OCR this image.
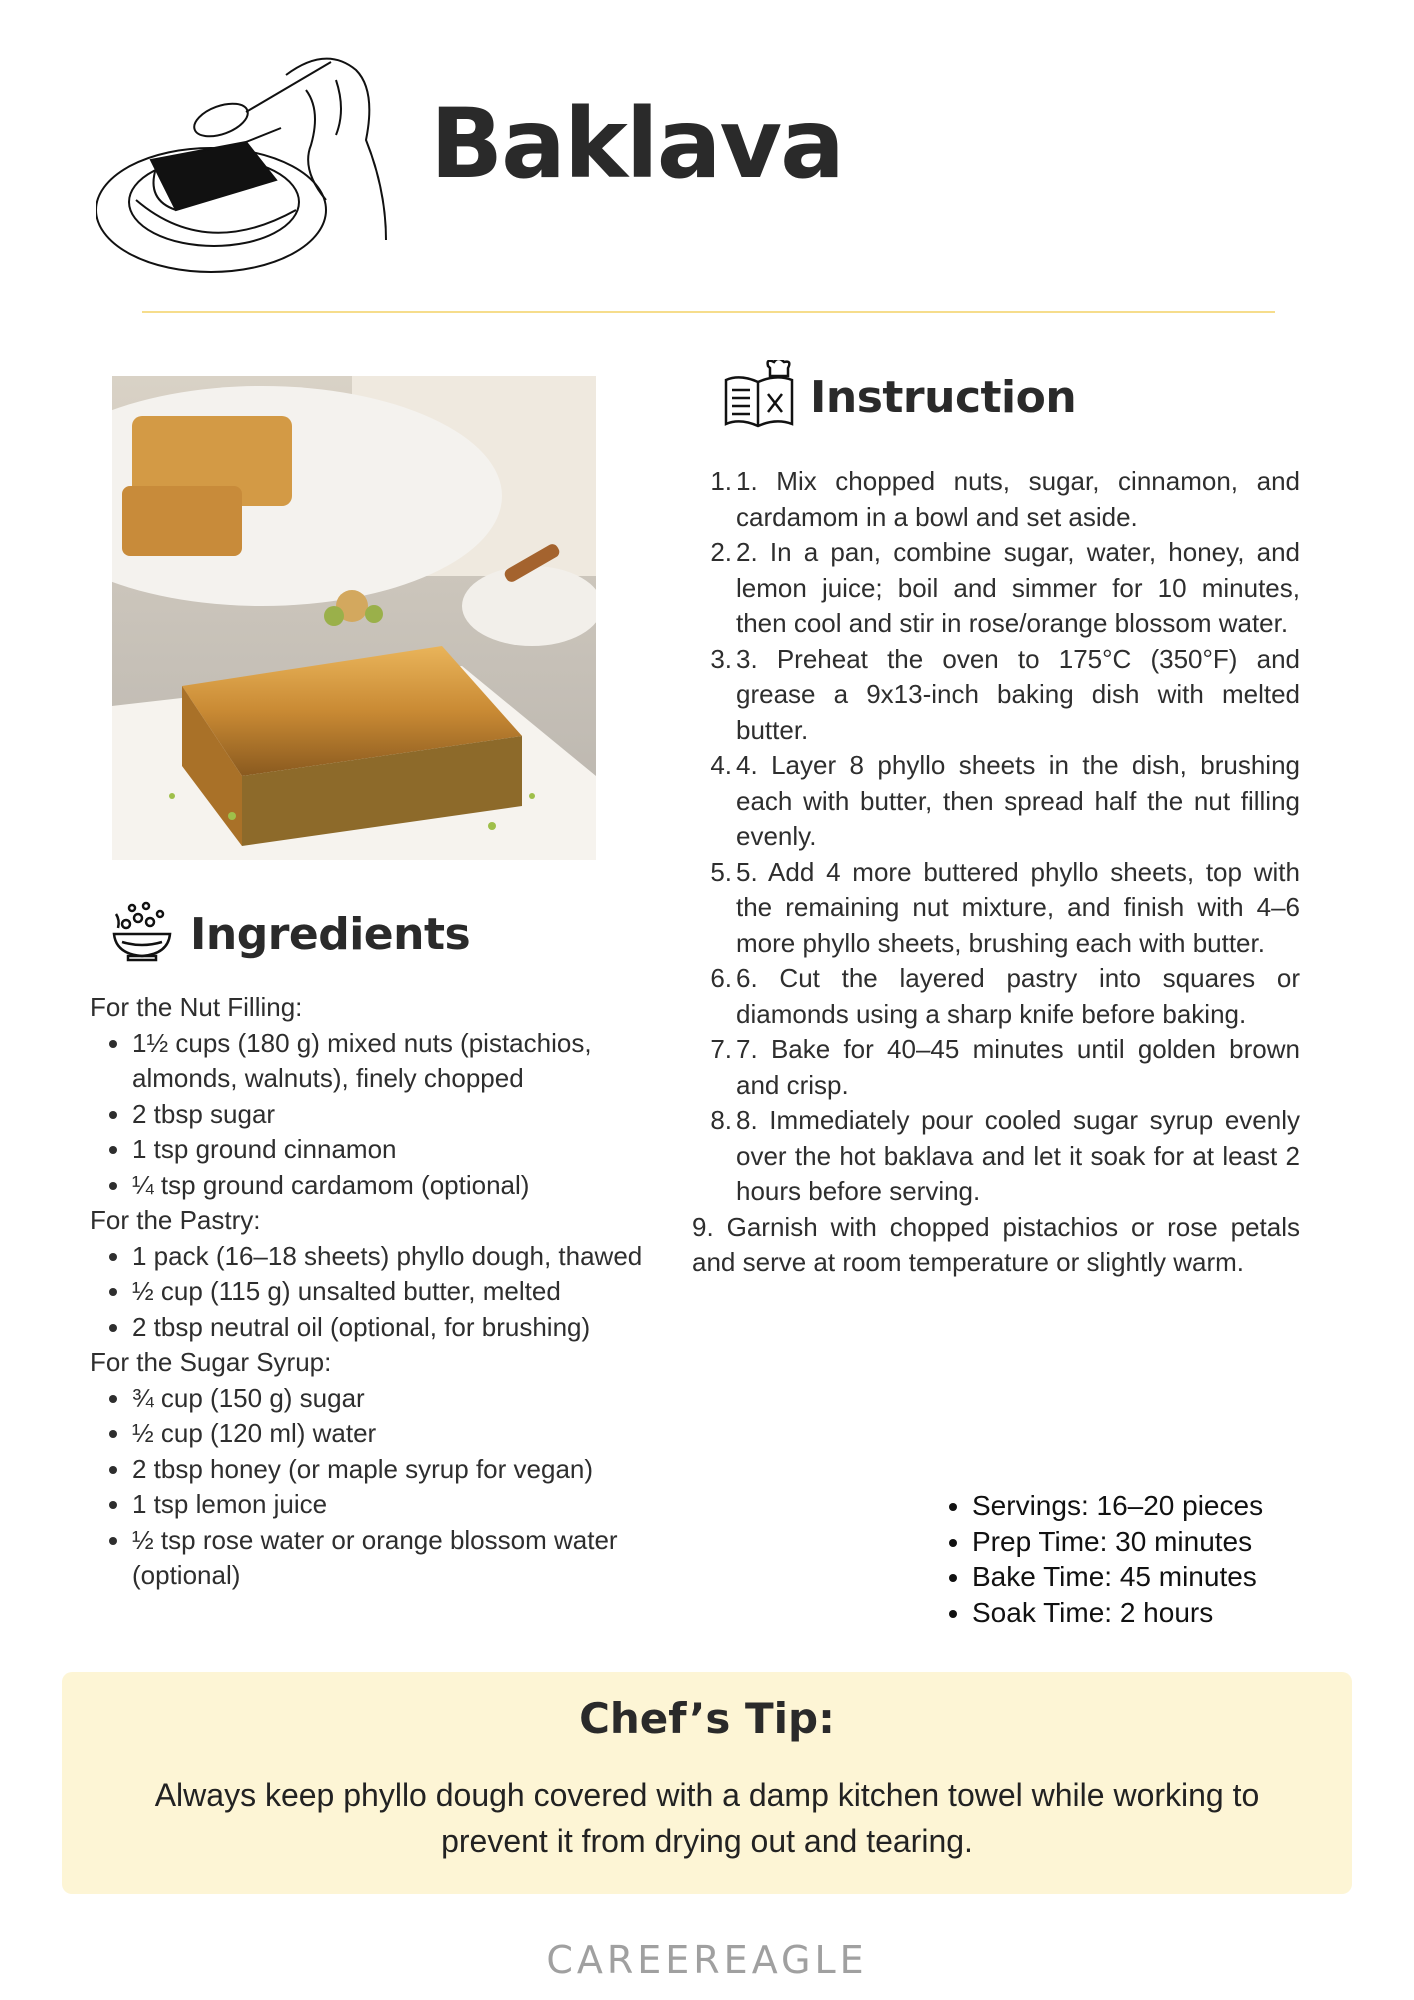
Baklava
Ingredients

For the Nut Filling:

• 1½ cups (180 g) mixed nuts (pistachios, almonds, walnuts), finely chopped
• 2 tbsp sugar
• 1 tsp ground cinnamon
• ¼ tsp ground cardamom (optional)

For the Pastry:

• 1 pack (16–18 sheets) phyllo dough, thawed
• ½ cup (115 g) unsalted butter, melted
• 2 tbsp neutral oil (optional, for brushing)

For the Sugar Syrup:

• ¾ cup (150 g) sugar
• ½ cup (120 ml) water
• 2 tbsp honey (or maple syrup for vegan)
• 1 tsp lemon juice
• ½ tsp rose water or orange blossom water (optional)
Instruction
1. 1. Mix chopped nuts, sugar, cinnamon, and cardamom in a bowl and set aside.
2. 2. In a pan, combine sugar, water, honey, and lemon juice; boil and simmer for 10 minutes, then cool and stir in rose/orange blossom water.
3. 3. Preheat the oven to 175°C (350°F) and grease a 9x13-inch baking dish with melted butter.
4. 4. Layer 8 phyllo sheets in the dish, brushing each with butter, then spread half the nut filling evenly.
5. 5. Add 4 more buttered phyllo sheets, top with the remaining nut mixture, and finish with 4–6 more phyllo sheets, brushing each with butter.
6. 6. Cut the layered pastry into squares or diamonds using a sharp knife before baking.
7. 7. Bake for 40–45 minutes until golden brown and crisp.
8. 8. Immediately pour cooled sugar syrup evenly over the hot baklava and let it soak for at least 2 hours before serving.

9. Garnish with chopped pistachios or rose petals and serve at room temperature or slightly warm.

• Servings: 16–20 pieces
• Prep Time: 30 minutes
• Bake Time: 45 minutes
• Soak Time: 2 hours
Chef’s Tip:
Always keep phyllo dough covered with a damp kitchen towel while working to prevent it from drying out and tearing.
CAREEREAGLE
